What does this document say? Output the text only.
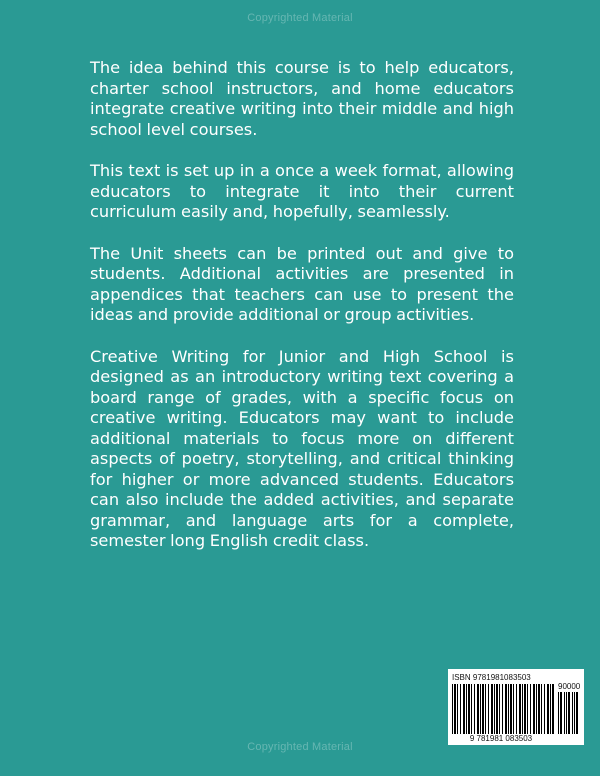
Copyrighted Material

The idea behind this course is to help educators, charter school instructors, and home educators integrate creative writing into their middle and high school level courses.

This text is set up in a once a week format, allowing educators to integrate it into their current curriculum easily and, hopefully, seamlessly.

The Unit sheets can be printed out and give to students. Additional activities are presented in appendices that teachers can use to present the ideas and provide additional or group activities.

Creative Writing for Junior and High School is designed as an introductory writing text covering a board range of grades, with a specific focus on creative writing. Educators may want to include additional materials to focus more on different aspects of poetry, storytelling, and critical thinking for higher or more advanced students. Educators can also include the added activities, and separate grammar, and language arts for a complete, semester long English credit class.

ISBN 9781981083503
90000
9 781981 083503
Copyrighted Material
